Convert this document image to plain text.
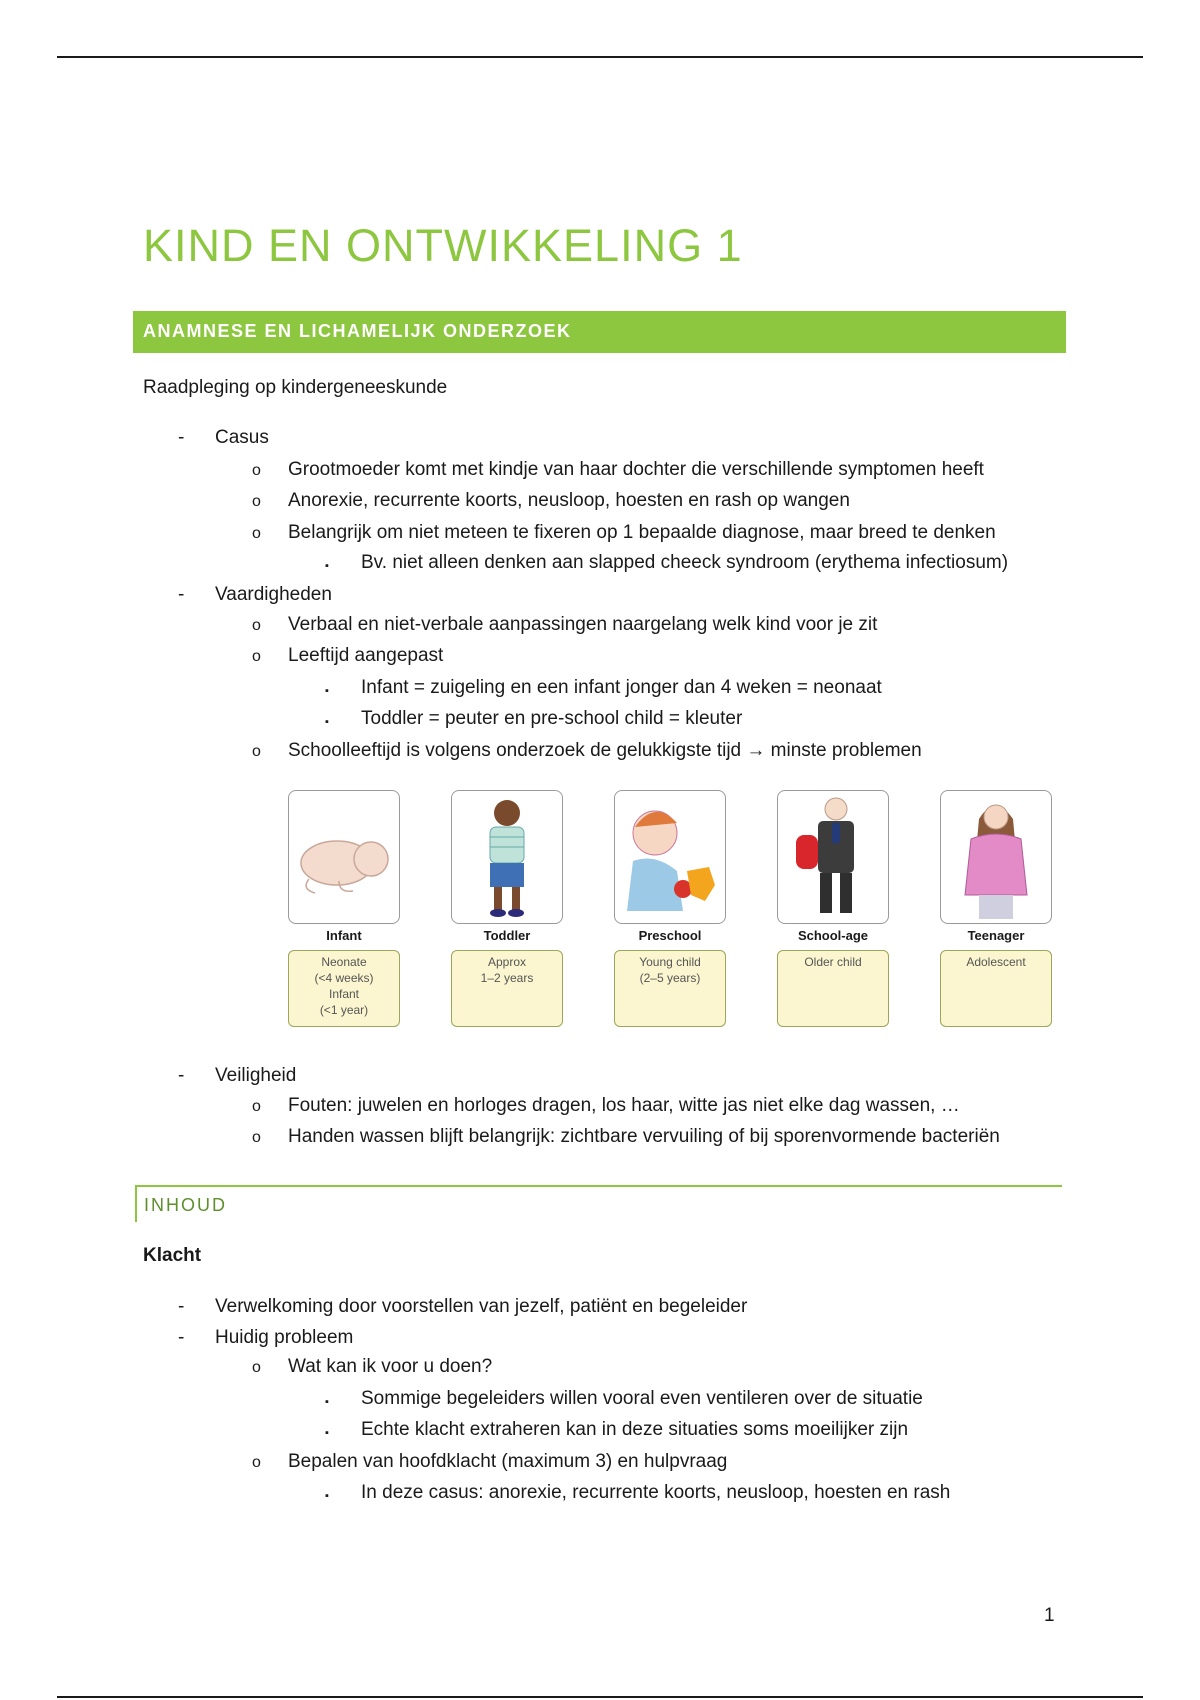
KIND EN ONTWIKKELING 1
ANAMNESE EN LICHAMELIJK ONDERZOEK
Raadpleging op kindergeneeskunde
- Casus
o Grootmoeder komt met kindje van haar dochter die verschillende symptomen heeft
o Anorexie, recurrente koorts, neusloop, hoesten en rash op wangen
o Belangrijk om niet meteen te fixeren op 1 bepaalde diagnose, maar breed te denken
▪ Bv. niet alleen denken aan slapped cheeck syndroom (erythema infectiosum)
- Vaardigheden
o Verbaal en niet-verbale aanpassingen naargelang welk kind voor je zit
o Leeftijd aangepast
▪ Infant = zuigeling en een infant jonger dan 4 weken = neonaat
▪ Toddler = peuter en pre-school child = kleuter
o Schoolleeftijd is volgens onderzoek de gelukkigste tijd → minste problemen
Infant
Neonate
(<4 weeks)
Infant
(<1 year)
Toddler
Approx
1–2 years
Preschool
Young child
(2–5 years)
School-age
Older child
Teenager
Adolescent
- Veiligheid
o Fouten: juwelen en horloges dragen, los haar, witte jas niet elke dag wassen, …
o Handen wassen blijft belangrijk: zichtbare vervuiling of bij sporenvormende bacteriën
INHOUD
Klacht
- Verwelkoming door voorstellen van jezelf, patiënt en begeleider
- Huidig probleem
o Wat kan ik voor u doen?
▪ Sommige begeleiders willen vooral even ventileren over de situatie
▪ Echte klacht extraheren kan in deze situaties soms moeilijker zijn
o Bepalen van hoofdklacht (maximum 3) en hulpvraag
▪ In deze casus: anorexie, recurrente koorts, neusloop, hoesten en rash
1
